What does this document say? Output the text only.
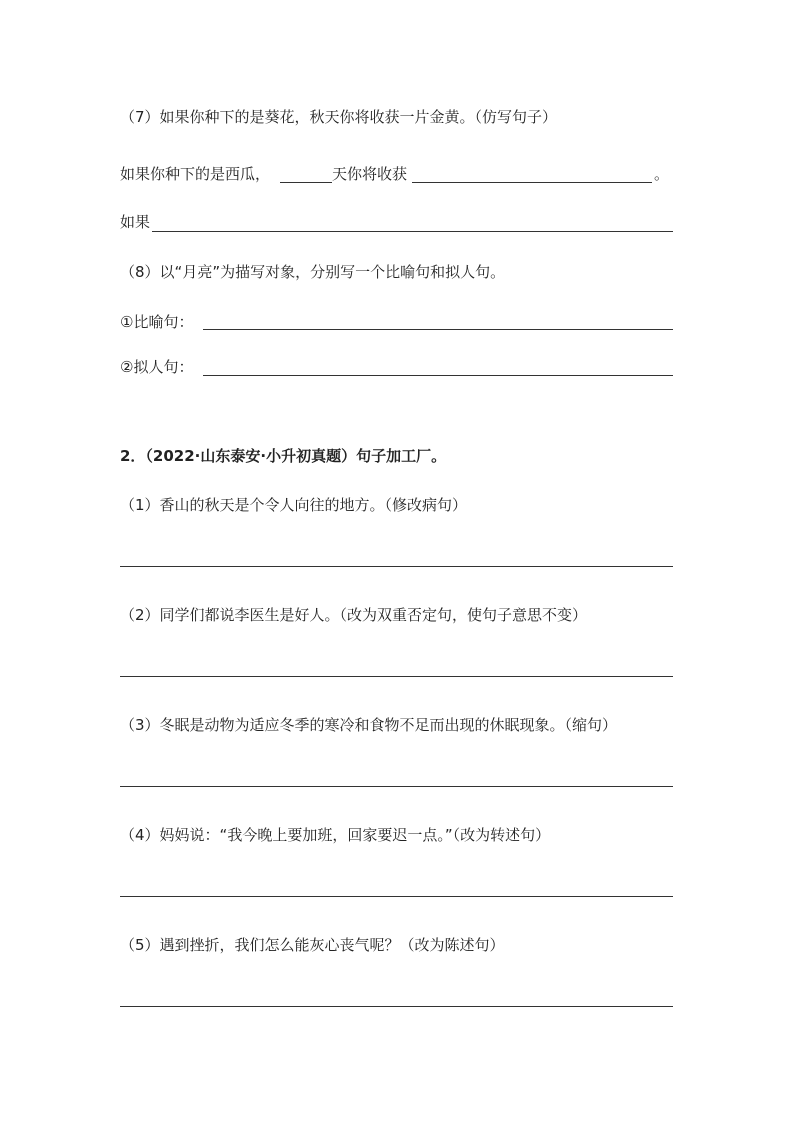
（7）如果你种下的是葵花，秋天你将收获一片金黄。（仿写句子）
如果你种下的是西瓜，	天你将收获	。
如果
（8）以“月亮”为描写对象，分别写一个比喻句和拟人句。
①比喻句：
②拟人句：
2．（2022·山东泰安·小升初真题）句子加工厂。
（1）香山的秋天是个令人向往的地方。（修改病句）
（2）同学们都说李医生是好人。（改为双重否定句，使句子意思不变）
（3）冬眠是动物为适应冬季的寒冷和食物不足而出现的休眠现象。（缩句）
（4）妈妈说：“我今晚上要加班，回家要迟一点。”（改为转述句）
（5）遇到挫折，我们怎么能灰心丧气呢？（改为陈述句）
